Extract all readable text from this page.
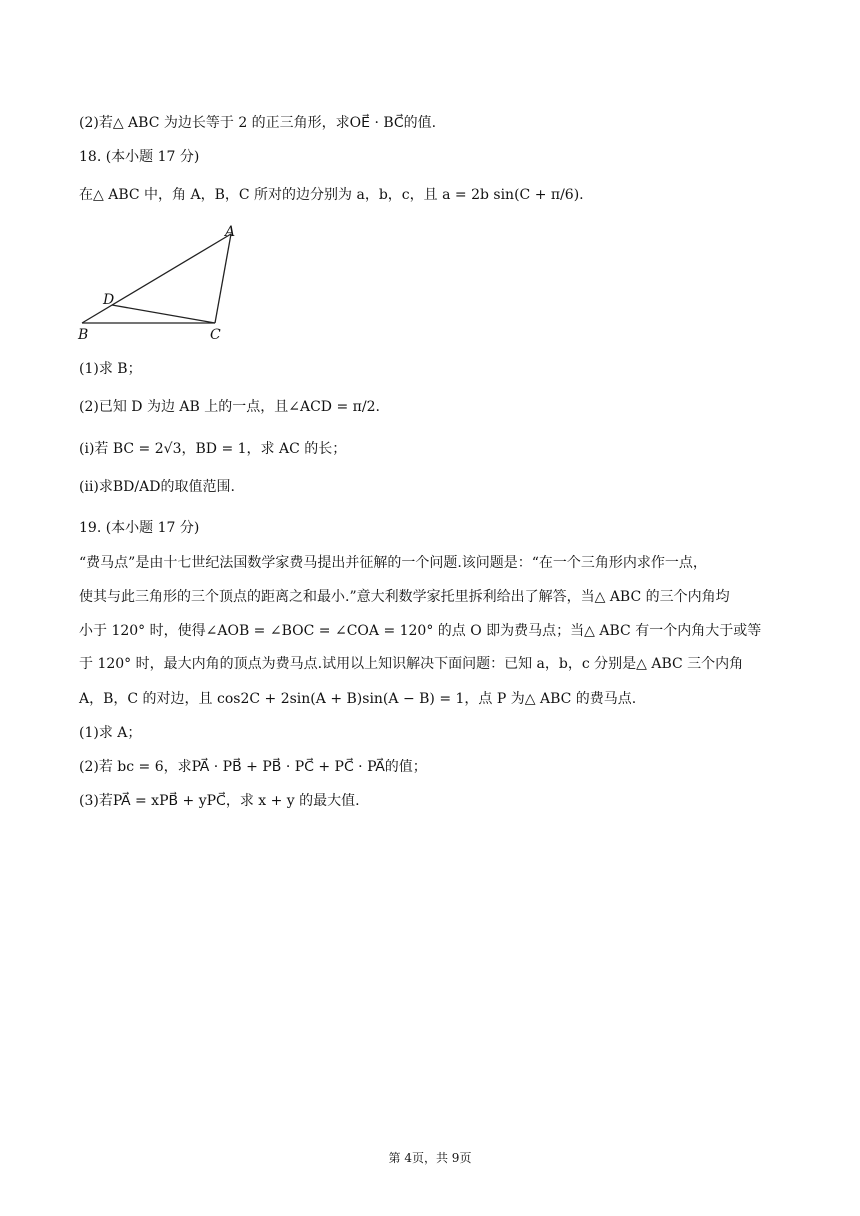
(2)若△ ABC 为边长等于 2 的正三角形，求OE⃗ · BC⃗的值.
18. (本小题 17 分)
在△ ABC 中，角 A，B，C 所对的边分别为 a，b，c，且 a = 2b sin(C + π/6).
A
B	C
D
(1)求 B；
(2)已知 D 为边 AB 上的一点，且∠ACD = π/2.
(ⅰ)若 BC = 2√3，BD = 1，求 AC 的长；
(ⅱ)求BD/AD的取值范围.
19. (本小题 17 分)
“费马点”是由十七世纪法国数学家费马提出并征解的一个问题.该问题是：“在一个三角形内求作一点，
使其与此三角形的三个顶点的距离之和最小.”意大利数学家托里拆利给出了解答，当△ ABC 的三个内角均
小于 120° 时，使得∠AOB = ∠BOC = ∠COA = 120° 的点 O 即为费马点；当△ ABC 有一个内角大于或等
于 120° 时，最大内角的顶点为费马点.试用以上知识解决下面问题：已知 a，b，c 分别是△ ABC 三个内角
A，B，C 的对边，且 cos2C + 2sin(A + B)sin(A − B) = 1，点 P 为△ ABC 的费马点.
(1)求 A；
(2)若 bc = 6，求PA⃗ · PB⃗ + PB⃗ · PC⃗ + PC⃗ · PA⃗的值；
(3)若PA⃗ = xPB⃗ + yPC⃗，求 x + y 的最大值.
第 4页，共 9页
